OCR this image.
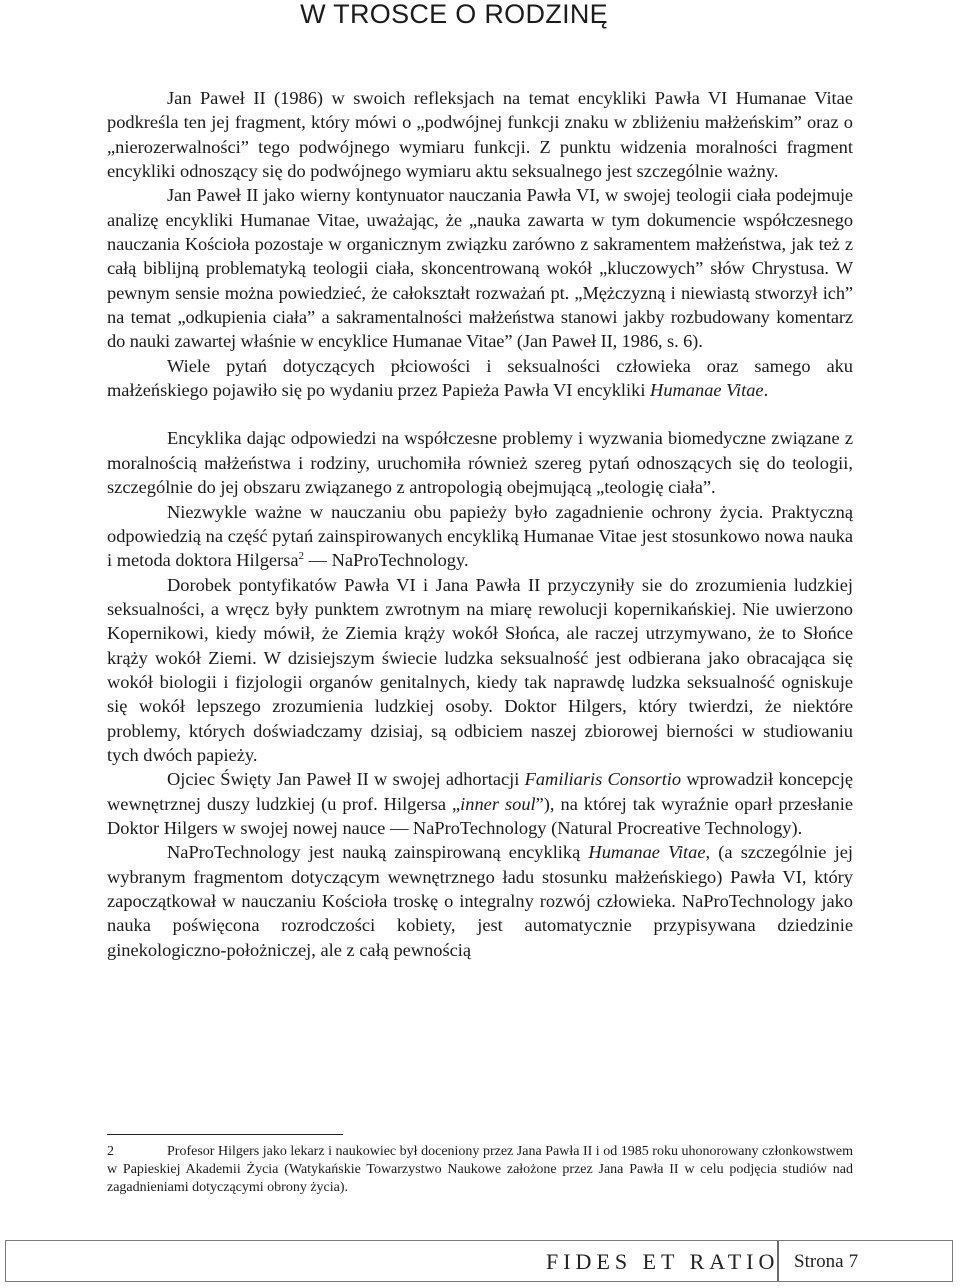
W TROSCE O RODZINĘ

Jan Paweł II (1986) w swoich refleksjach na temat encykliki Pawła VI Humanae Vitae podkreśla ten jej fragment, który mówi o „podwójnej funkcji znaku w zbliżeniu małżeńskim” oraz o „nierozerwalności” tego podwójnego wymiaru funkcji. Z punktu widzenia moralności fragment encykliki odnoszący się do podwójnego wymiaru aktu seksualnego jest szczególnie ważny.

Jan Paweł II jako wierny kontynuator nauczania Pawła VI, w swojej teologii ciała podejmuje analizę encykliki Humanae Vitae, uważając, że „nauka zawarta w tym dokumencie współczesnego nauczania Kościoła pozostaje w organicznym związku zarówno z sakramentem małżeństwa, jak też z całą biblijną problematyką teologii ciała, skoncentrowaną wokół „kluczowych” słów Chrystusa. W pewnym sensie można powiedzieć, że całokształt rozważań pt. „Mężczyzną i niewiastą stworzył ich” na temat „odkupienia ciała” a sakramentalności małżeństwa stanowi jakby rozbudowany komentarz do nauki zawartej właśnie w encyklice Humanae Vitae” (Jan Paweł II, 1986, s. 6).

Wiele pytań dotyczących płciowości i seksualności człowieka oraz samego aku małżeńskiego pojawiło się po wydaniu przez Papieża Pawła VI encykliki Humanae Vitae.

Encyklika dając odpowiedzi na współczesne problemy i wyzwania biomedyczne związane z moralnością małżeństwa i rodziny, uruchomiła również szereg pytań odnoszących się do teologii, szczególnie do jej obszaru związanego z antropologią obejmującą „teologię ciała”.

Niezwykle ważne w nauczaniu obu papieży było zagadnienie ochrony życia. Praktyczną odpowiedzią na część pytań zainspirowanych encykliką Humanae Vitae jest stosunkowo nowa nauka i metoda doktora Hilgersa$^2$ — NaProTechnology.

Dorobek pontyfikatów Pawła VI i Jana Pawła II przyczyniły sie do zrozumienia ludzkiej seksualności, a wręcz były punktem zwrotnym na miarę rewolucji kopernikańskiej. Nie uwierzono Kopernikowi, kiedy mówił, że Ziemia krąży wokół Słońca, ale raczej utrzymywano, że to Słońce krąży wokół Ziemi. W dzisiejszym świecie ludzka seksualność jest odbierana jako obracająca się wokół biologii i fizjologii organów genitalnych, kiedy tak naprawdę ludzka seksualność ogniskuje się wokół lepszego zrozumienia ludzkiej osoby. Doktor Hilgers, który twierdzi, że niektóre problemy, których doświadczamy dzisiaj, są odbiciem naszej zbiorowej bierności w studiowaniu tych dwóch papieży.

Ojciec Święty Jan Paweł II w swojej adhortacji Familiaris Consortio wprowadził koncepcję wewnętrznej duszy ludzkiej (u prof. Hilgersa „inner soul”), na której tak wyraźnie oparł przesłanie Doktor Hilgers w swojej nowej nauce — NaProTechnology (Natural Procreative Technology).

NaProTechnology jest nauką zainspirowaną encykliką Humanae Vitae, (a szczególnie jej wybranym fragmentom dotyczącym wewnętrznego ładu stosunku małżeńskiego) Pawła VI, który zapoczątkował w nauczaniu Kościoła troskę o integralny rozwój człowieka. NaProTechnology jako nauka poświęcona rozrodczości kobiety, jest automatycznie przypisywana dziedzinie ginekologiczno-położniczej, ale z całą pewnością

2	Profesor Hilgers jako lekarz i naukowiec był doceniony przez Jana Pawła II i od 1985 roku uhonorowany członkowstwem w Papieskiej Akademii Życia (Watykańskie Towarzystwo Naukowe założone przez Jana Pawła II w celu podjęcia studiów nad zagadnieniami dotyczącymi obrony życia).
FIDES ET RATIO Strona 7
